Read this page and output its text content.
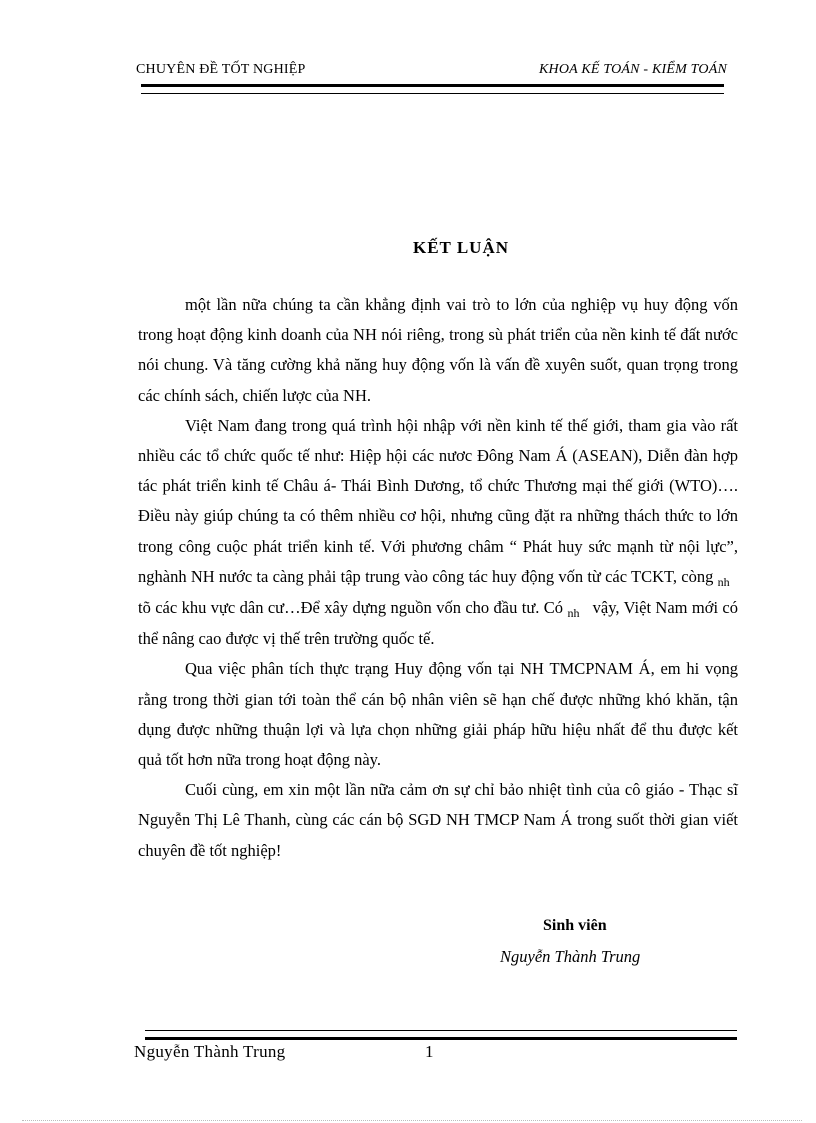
CHUYÊN ĐỀ TỐT NGHIỆP	KHOA KẾ TOÁN - KIỂM TOÁN
KẾT LUẬN

một lần nữa chúng ta cần khẳng định vai trò to lớn của nghiệp vụ huy động vốn trong hoạt động kinh doanh của NH nói riêng, trong sù phát triển của nền kinh tế đất nước nói chung. Và tăng cường khả năng huy động vốn là vấn đề xuyên suốt, quan trọng trong các chính sách, chiến lược của NH.

Việt Nam đang trong quá trình hội nhập với nền kinh tế thế giới, tham gia vào rất nhiều các tổ chức quốc tế như: Hiệp hội các nươc Đông Nam Á (ASEAN), Diễn đàn hợp tác phát triển kinh tế Châu á- Thái Bình Dương, tổ chức Thương mại thế giới (WTO)…. Điều này giúp chúng ta có thêm nhiều cơ hội, nhưng cũng đặt ra những thách thức to lớn trong công cuộc phát triển kinh tế. Với phương châm “ Phát huy sức mạnh từ nội lực”, nghành NH nước ta càng phải tập trung vào công tác huy động vốn từ các TCKT, còng $_{nh}$   tõ các khu vực dân cư…Để xây dựng nguồn vốn cho đầu tư. Có $_{nh}$ vậy, Việt Nam mới có thể nâng cao được vị thế trên trường quốc tế.

Qua việc phân tích thực trạng Huy động vốn tại NH TMCPNAM Á, em hi vọng rằng trong thời gian tới toàn thể cán bộ nhân viên sẽ hạn chế được những khó khăn, tận dụng được những thuận lợi và lựa chọn những giải pháp hữu hiệu nhất để thu được kết quả tốt hơn nữa trong hoạt động này.

Cuối cùng, em xin một lần nữa cảm ơn sự chỉ bảo nhiệt tình của cô giáo - Thạc sĩ Nguyễn Thị Lê Thanh, cùng các cán bộ SGD NH TMCP Nam Á trong suốt thời gian viết chuyên đề tốt nghiệp!

Sinh viên
Nguyễn Thành Trung
Nguyễn Thành Trung	1
